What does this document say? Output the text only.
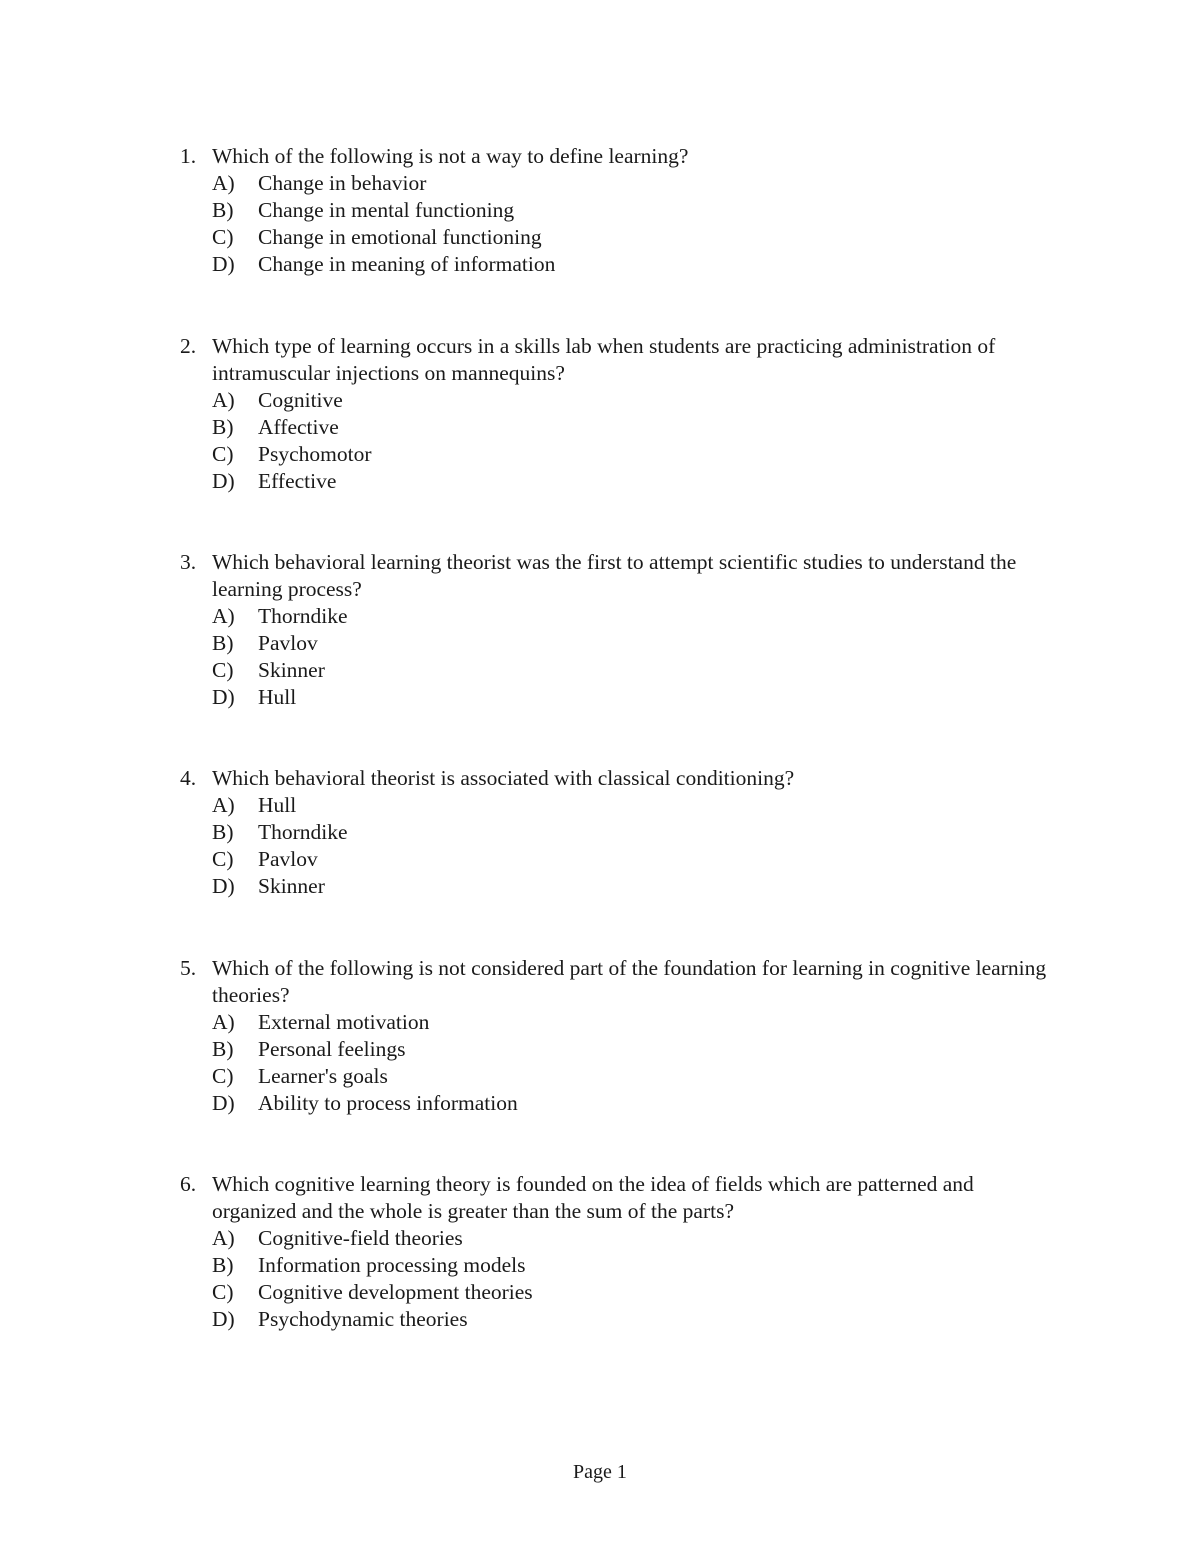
1. Which of the following is not a way to define learning?
A)	Change in behavior
B)	Change in mental functioning
C)	Change in emotional functioning
D)	Change in meaning of information
2. Which type of learning occurs in a skills lab when students are practicing administration of intramuscular injections on mannequins?
A)	Cognitive
B)	Affective
C)	Psychomotor
D)	Effective
3. Which behavioral learning theorist was the first to attempt scientific studies to understand the learning process?
A)	Thorndike
B)	Pavlov
C)	Skinner
D)	Hull
4. Which behavioral theorist is associated with classical conditioning?
A)	Hull
B)	Thorndike
C)	Pavlov
D)	Skinner
5. Which of the following is not considered part of the foundation for learning in cognitive learning theories?
A)	External motivation
B)	Personal feelings
C)	Learner's goals
D)	Ability to process information
6. Which cognitive learning theory is founded on the idea of fields which are patterned and organized and the whole is greater than the sum of the parts?
A)	Cognitive-field theories
B)	Information processing models
C)	Cognitive development theories
D)	Psychodynamic theories
Page 1
